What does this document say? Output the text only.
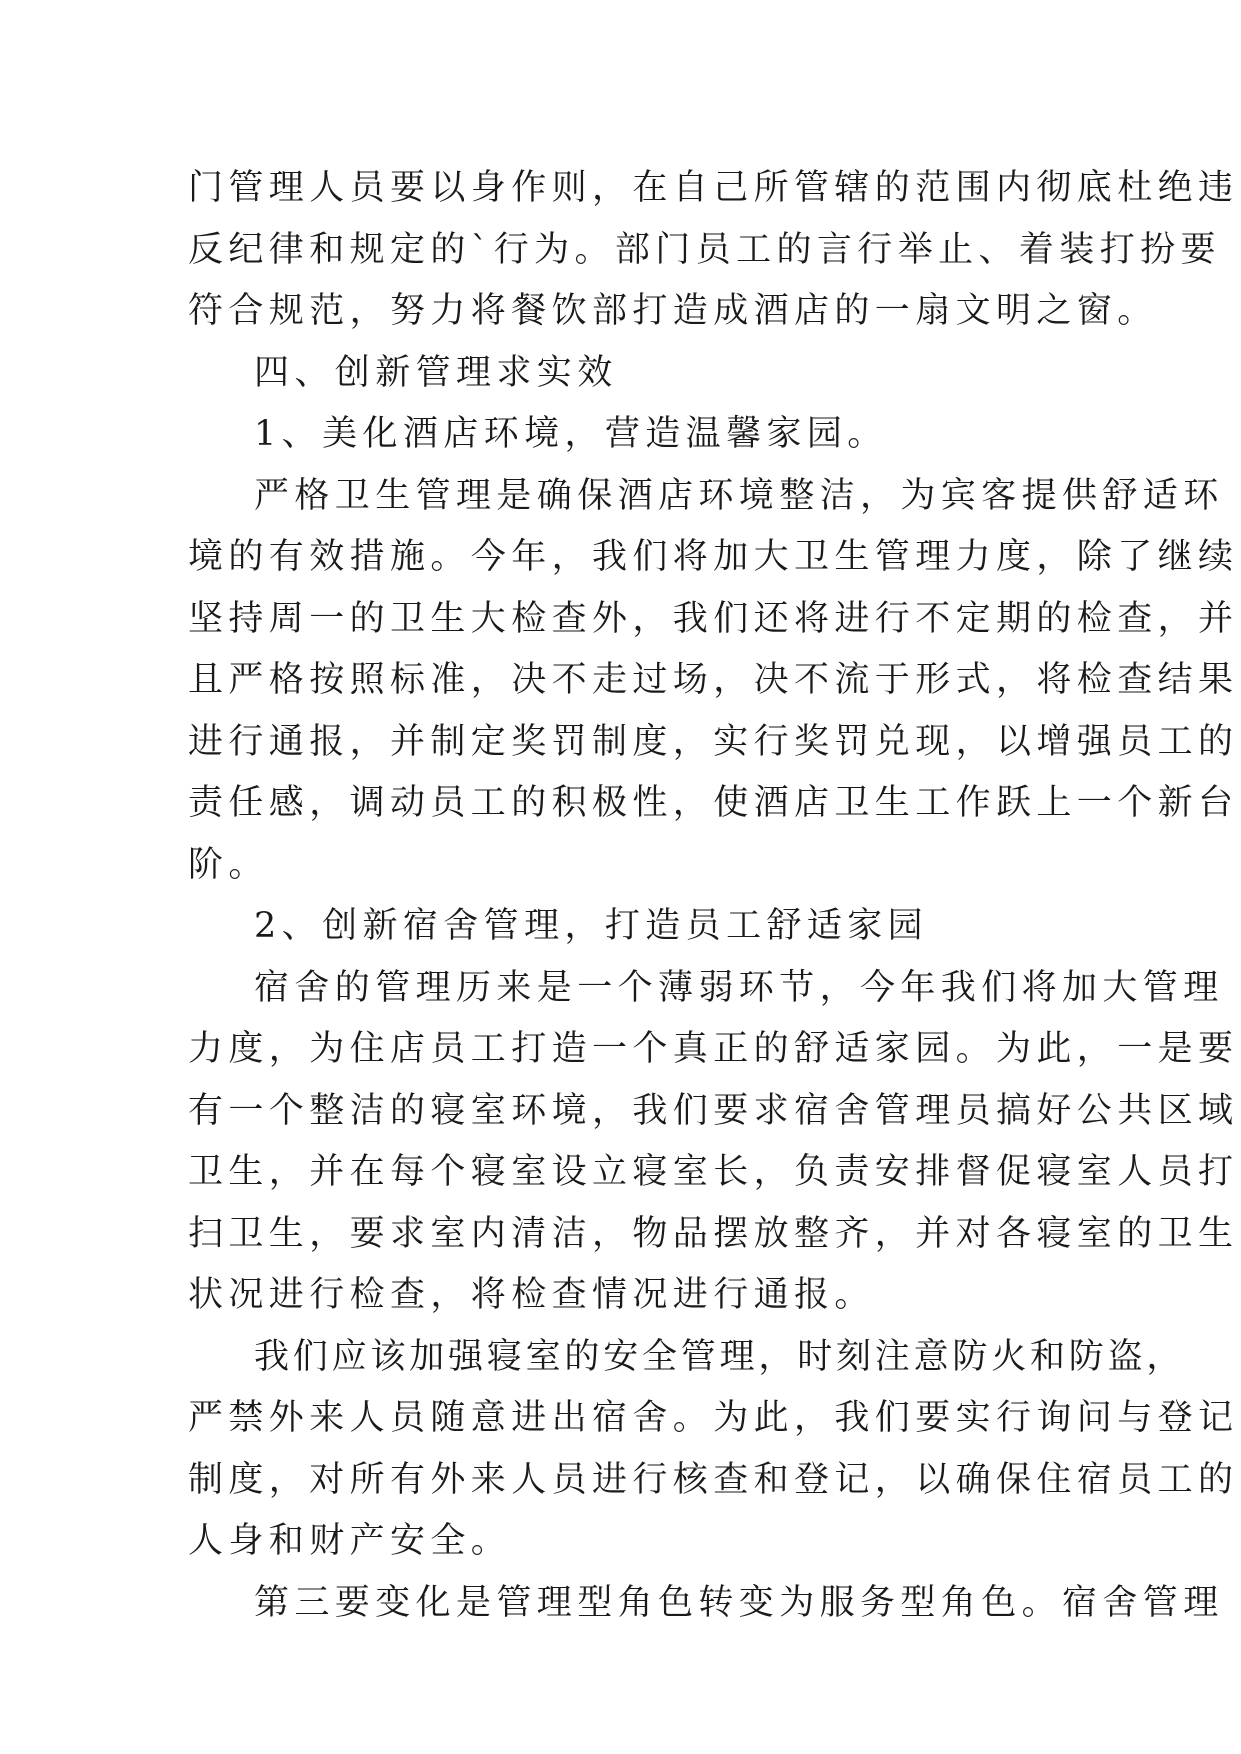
门管理人员要以身作则，在自己所管辖的范围内彻底杜绝违
反纪律和规定的`行为。部门员工的言行举止、着装打扮要
符合规范，努力将餐饮部打造成酒店的一扇文明之窗。
四、创新管理求实效
1、美化酒店环境，营造温馨家园。
严格卫生管理是确保酒店环境整洁，为宾客提供舒适环
境的有效措施。今年，我们将加大卫生管理力度，除了继续
坚持周一的卫生大检查外，我们还将进行不定期的检查，并
且严格按照标准，决不走过场，决不流于形式，将检查结果
进行通报，并制定奖罚制度，实行奖罚兑现，以增强员工的
责任感，调动员工的积极性，使酒店卫生工作跃上一个新台
阶。
2、创新宿舍管理，打造员工舒适家园
宿舍的管理历来是一个薄弱环节，今年我们将加大管理
力度，为住店员工打造一个真正的舒适家园。为此，一是要
有一个整洁的寝室环境，我们要求宿舍管理员搞好公共区域
卫生，并在每个寝室设立寝室长，负责安排督促寝室人员打
扫卫生，要求室内清洁，物品摆放整齐，并对各寝室的卫生
状况进行检查，将检查情况进行通报。
我们应该加强寝室的安全管理，时刻注意防火和防盗，
严禁外来人员随意进出宿舍。为此，我们要实行询问与登记
制度，对所有外来人员进行核查和登记，以确保住宿员工的
人身和财产安全。
第三要变化是管理型角色转变为服务型角色。宿舍管理
